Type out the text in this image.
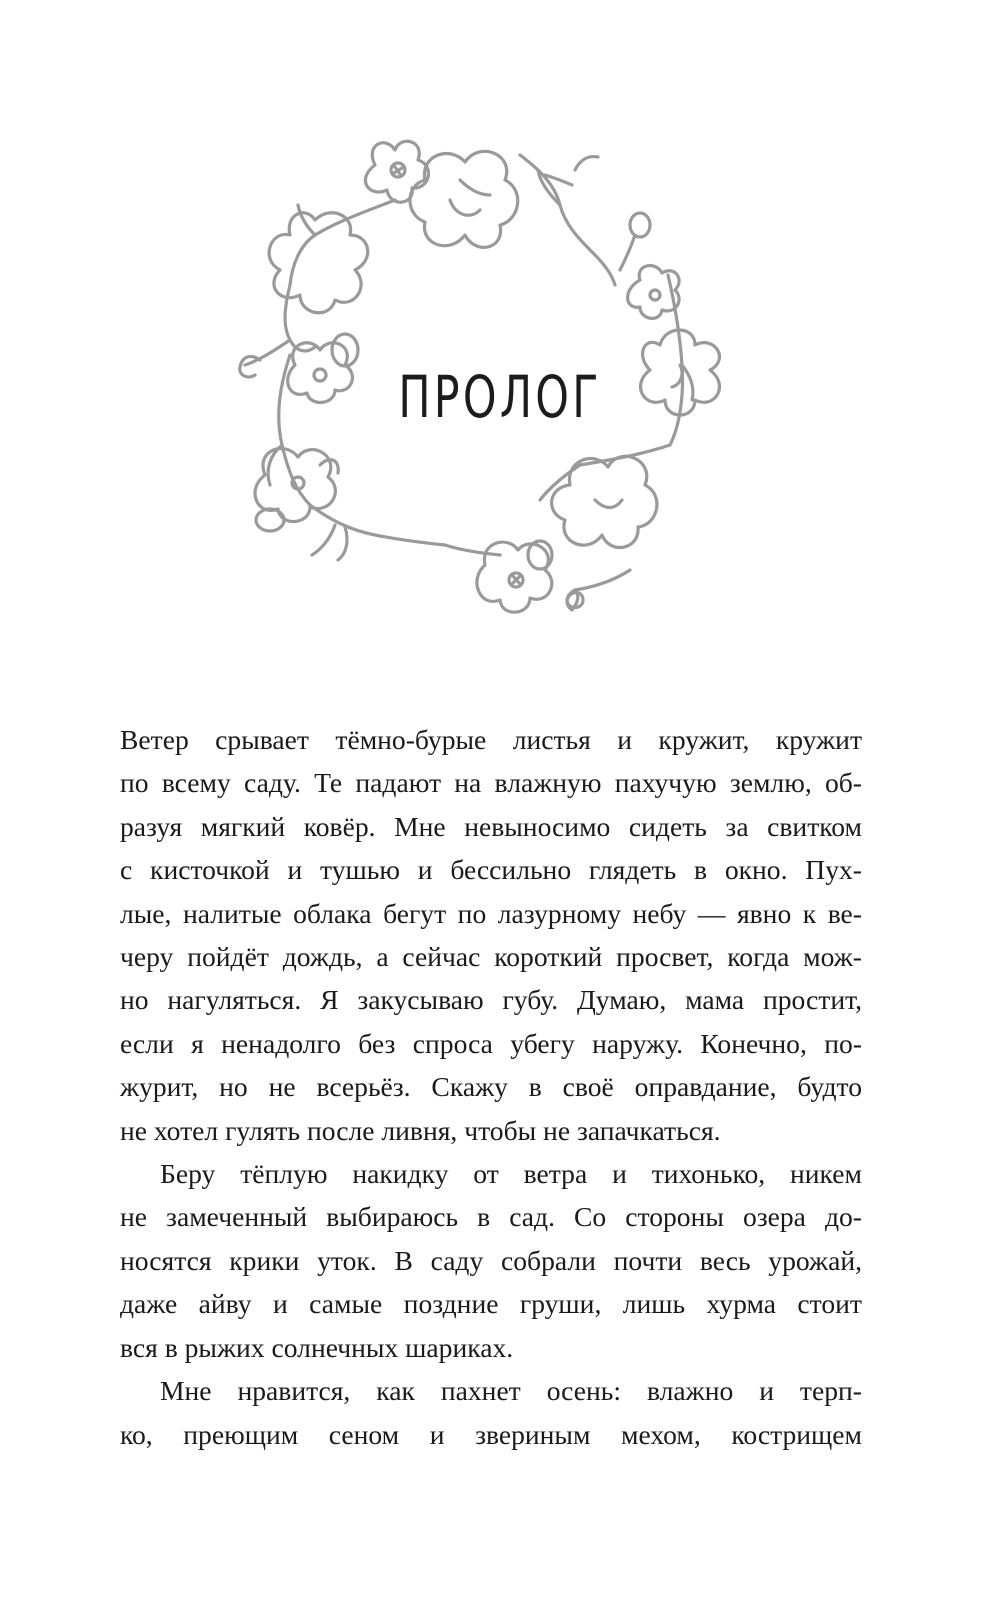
ПРОЛОГ
Ветер срывает тёмно-бурые листья и кружит, кружит
по всему саду. Те падают на влажную пахучую землю, об-
разуя мягкий ковёр. Мне невыносимо сидеть за свитком
с кисточкой и тушью и бессильно глядеть в окно. Пух-
лые, налитые облака бегут по лазурному небу — явно к ве-
черу пойдёт дождь, а сейчас короткий просвет, когда мож-
но нагуляться. Я закусываю губу. Думаю, мама простит,
если я ненадолго без спроса убегу наружу. Конечно, по-
журит, но не всерьёз. Скажу в своё оправдание, будто
не хотел гулять после ливня, чтобы не запачкаться.
Беру тёплую накидку от ветра и тихонько, никем
не замеченный выбираюсь в сад. Со стороны озера до-
носятся крики уток. В саду собрали почти весь урожай,
даже айву и самые поздние груши, лишь хурма стоит
вся в рыжих солнечных шариках.
Мне нравится, как пахнет осень: влажно и терп-
ко, преющим сеном и звериным мехом, кострищем
